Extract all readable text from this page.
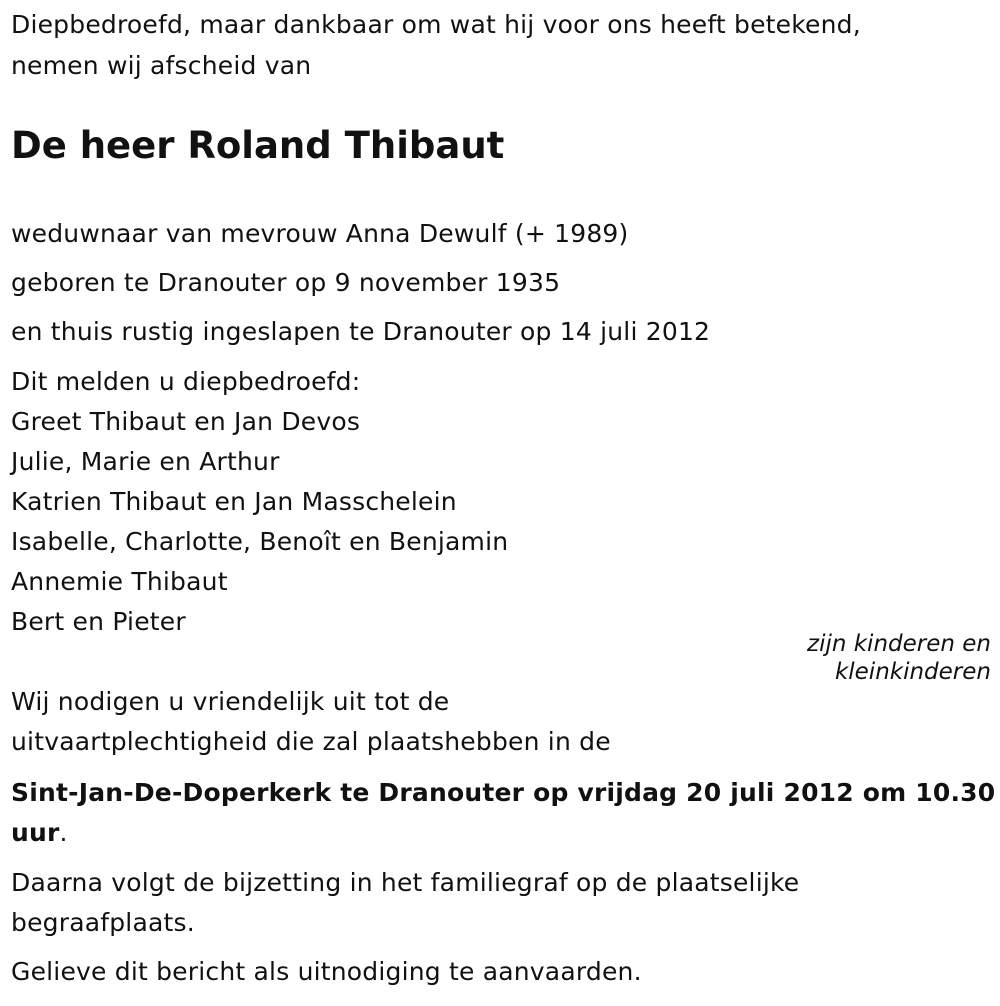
Diepbedroefd, maar dankbaar om wat hij voor ons heeft betekend,
nemen wij afscheid van
De heer Roland Thibaut
weduwnaar van mevrouw Anna Dewulf (+ 1989)
geboren te Dranouter op 9 november 1935
en thuis rustig ingeslapen te Dranouter op 14 juli 2012
Dit melden u diepbedroefd:
Greet Thibaut en Jan Devos
Julie, Marie en Arthur
Katrien Thibaut en Jan Masschelein
Isabelle, Charlotte, Benoît en Benjamin
Annemie Thibaut
Bert en Pieter
zijn kinderen en
kleinkinderen
Wij nodigen u vriendelijk uit tot de
uitvaartplechtigheid die zal plaatshebben in de
Sint-Jan-De-Doperkerk te Dranouter op vrijdag 20 juli 2012 om 10.30
uur.
Daarna volgt de bijzetting in het familiegraf op de plaatselijke
begraafplaats.
Gelieve dit bericht als uitnodiging te aanvaarden.
